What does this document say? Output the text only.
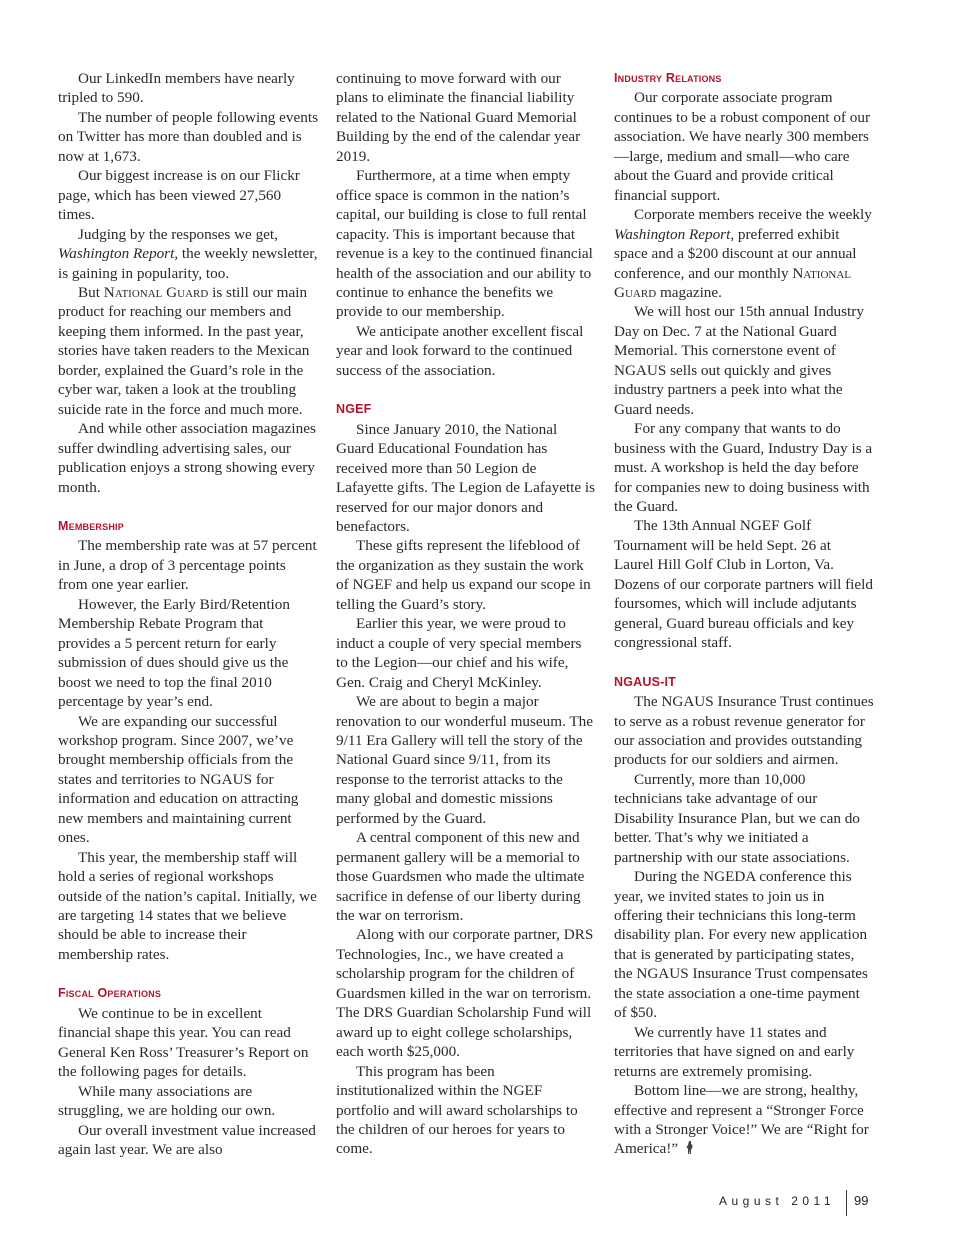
Our LinkedIn members have nearly tripled to 590.

The number of people following events on Twitter has more than doubled and is now at 1,673.

Our biggest increase is on our Flickr page, which has been viewed 27,560 times.

Judging by the responses we get, Washington Report, the weekly newsletter, is gaining in popularity, too.

But National Guard is still our main product for reaching our members and keeping them informed. In the past year, stories have taken readers to the Mexican border, explained the Guard’s role in the cyber war, taken a look at the troubling suicide rate in the force and much more.

And while other association magazines suffer dwindling advertising sales, our publication enjoys a strong showing every month.

Membership

The membership rate was at 57 percent in June, a drop of 3 percentage points from one year earlier.

However, the Early Bird/Retention Membership Rebate Program that provides a 5 percent return for early submission of dues should give us the boost we need to top the final 2010 percentage by year’s end.

We are expanding our successful workshop program. Since 2007, we’ve brought membership officials from the states and territories to NGAUS for information and education on attracting new members and maintaining current ones.

This year, the membership staff will hold a series of regional workshops outside of the nation’s capital. Initially, we are targeting 14 states that we believe should be able to increase their membership rates.

Fiscal Operations

We continue to be in excellent financial shape this year. You can read General Ken Ross’ Treasurer’s Report on the following pages for details.

While many associations are struggling, we are holding our own.

Our overall investment value increased again last year. We are also

continuing to move forward with our plans to eliminate the financial liability related to the National Guard Memorial Building by the end of the calendar year 2019.

Furthermore, at a time when empty office space is common in the nation’s capital, our building is close to full rental capacity. This is important because that revenue is a key to the continued financial health of the association and our ability to continue to enhance the benefits we provide to our membership.

We anticipate another excellent fiscal year and look forward to the continued success of the association.

NGEF

Since January 2010, the National Guard Educational Foundation has received more than 50 Legion de Lafayette gifts. The Legion de Lafayette is reserved for our major donors and benefactors.

These gifts represent the lifeblood of the organization as they sustain the work of NGEF and help us expand our scope in telling the Guard’s story.

Earlier this year, we were proud to induct a couple of very special members to the Legion—our chief and his wife, Gen. Craig and Cheryl McKinley.

We are about to begin a major renovation to our wonderful museum. The 9/11 Era Gallery will tell the story of the National Guard since 9/11, from its response to the terrorist attacks to the many global and domestic missions performed by the Guard.

A central component of this new and permanent gallery will be a memorial to those Guardsmen who made the ultimate sacrifice in defense of our liberty during the war on terrorism.

Along with our corporate partner, DRS Technologies, Inc., we have created a scholarship program for the children of Guardsmen killed in the war on terrorism. The DRS Guardian Scholarship Fund will award up to eight college scholarships, each worth $25,000.

This program has been institutionalized within the NGEF portfolio and will award scholarships to the children of our heroes for years to come.

Industry Relations

Our corporate associate program continues to be a robust component of our association. We have nearly 300 members—large, medium and small—who care about the Guard and provide critical financial support.

Corporate members receive the weekly Washington Report, preferred exhibit space and a $200 discount at our annual conference, and our monthly National Guard magazine.

We will host our 15th annual Industry Day on Dec. 7 at the National Guard Memorial. This cornerstone event of NGAUS sells out quickly and gives industry partners a peek into what the Guard needs.

For any company that wants to do business with the Guard, Industry Day is a must. A workshop is held the day before for companies new to doing business with the Guard.

The 13th Annual NGEF Golf Tournament will be held Sept. 26 at Laurel Hill Golf Club in Lorton, Va. Dozens of our corporate partners will field foursomes, which will include adjutants general, Guard bureau officials and key congressional staff.

NGAUS-IT

The NGAUS Insurance Trust continues to serve as a robust revenue generator for our association and provides outstanding products for our soldiers and airmen.

Currently, more than 10,000 technicians take advantage of our Disability Insurance Plan, but we can do better. That’s why we initiated a partnership with our state associations.

During the NGEDA conference this year, we invited states to join us in offering their technicians this long-term disability plan. For every new application that is generated by participating states, the NGAUS Insurance Trust compensates the state association a one-time payment of $50.

We currently have 11 states and territories that have signed on and early returns are extremely promising.

Bottom line—we are strong, healthy, effective and represent a “Stronger Force with a Stronger Voice!” We are “Right for America!”

August 2011 99
